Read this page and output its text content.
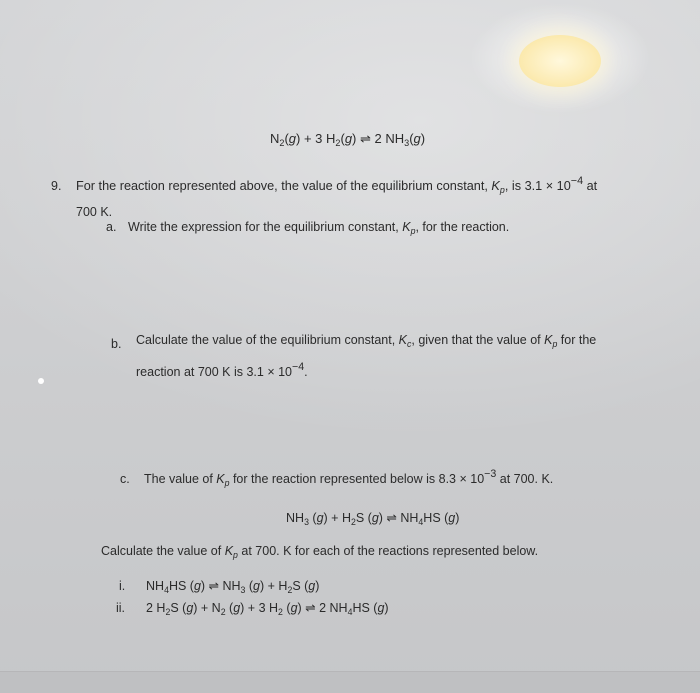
$N_2(g) + 3$ $H_2(g)$ ⇌ 2 $NH_3(g)$
9. For the reaction represented above, the value of the equilibrium constant, $K_p$, is $3.1 \times 10^{-4}$ at
700 K.
a. Write the expression for the equilibrium constant, $K_p$, for the reaction.
b. Calculate the value of the equilibrium constant, $K_c$, given that the value of $K_p$ for the
reaction at 700 K is $3.1 \times 10^{-4}$.
c. The value of $K_p$ for the reaction represented below is $8.3 \times 10^{-3}$ at 700. K.
$NH_3$ $(g) + H_2S$ (g) ⇌ $NH_4HS$ (g)
Calculate the value of $K_p$ at 700. K for each of the reactions represented below.
i. $NH_4HS$ (g) ⇌ $NH_3$ $(g) + H_2S$ (g)
ii. 2 $H_2S$ $(g) + N_2$ (g) + 3 $H_2$ (g) ⇌ 2 $NH_4HS$ (g)
